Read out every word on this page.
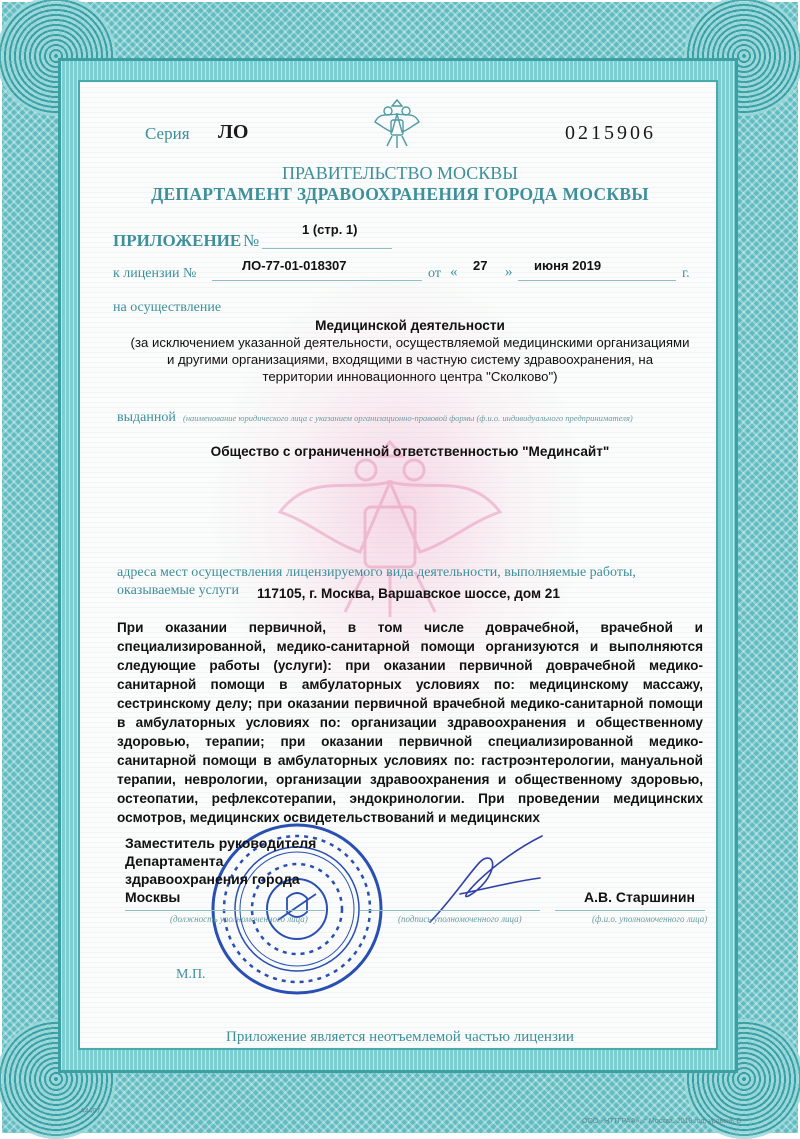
Серия ЛО	0215906
ПРАВИТЕЛЬСТВО МОСКВЫ
ДЕПАРТАМЕНТ ЗДРАВООХРАНЕНИЯ ГОРОДА МОСКВЫ
ПРИЛОЖЕНИЕ №
1 (стр. 1)
к лицензии №
ЛО-77-01-018307
от « 27 » июня 2019
г.
на осуществление
Медицинской деятельности
(за исключением указанной деятельности, осуществляемой медицинскими организациями
и другими организациями, входящими в частную систему здравоохранения, на
территории инновационного центра "Сколково")
выданной (наименование юридического лица с указанием организационно-правовой формы (ф.и.о. индивидуального предпринимателя)
Общество с ограниченной ответственностью "Мединсайт"
адреса мест осуществления лицензируемого вида деятельности, выполняемые работы,
оказываемые услуги 117105, г. Москва, Варшавское шоссе, дом 21
При оказании первичной, в том числе доврачебной, врачебной и специализированной, медико-санитарной помощи организуются и выполняются следующие работы (услуги): при оказании первичной доврачебной медико-санитарной помощи в амбулаторных условиях по: медицинскому массажу, сестринскому делу; при оказании первичной врачебной медико-санитарной помощи в амбулаторных условиях по: организации здравоохранения и общественному здоровью, терапии; при оказании первичной специализированной медико-санитарной помощи в амбулаторных условиях по: гастроэнтерологии, мануальной терапии, неврологии, организации здравоохранения и общественному здоровью, остеопатии, рефлексотерапии, эндокринологии. При проведении медицинских осмотров, медицинских освидетельствований и медицинских
Заместитель руководителя
Департамента
здравоохранения города
Москвы	А.В. Старшинин
(должность уполномоченного лица)	(подпись уполномоченного лица)	(ф.и.о. уполномоченного лица)
М.П.
Приложение является неотъемлемой частью лицензии
А4407
ООО «НТТГРАФ», г. Москва, 2018 год, уровень В
